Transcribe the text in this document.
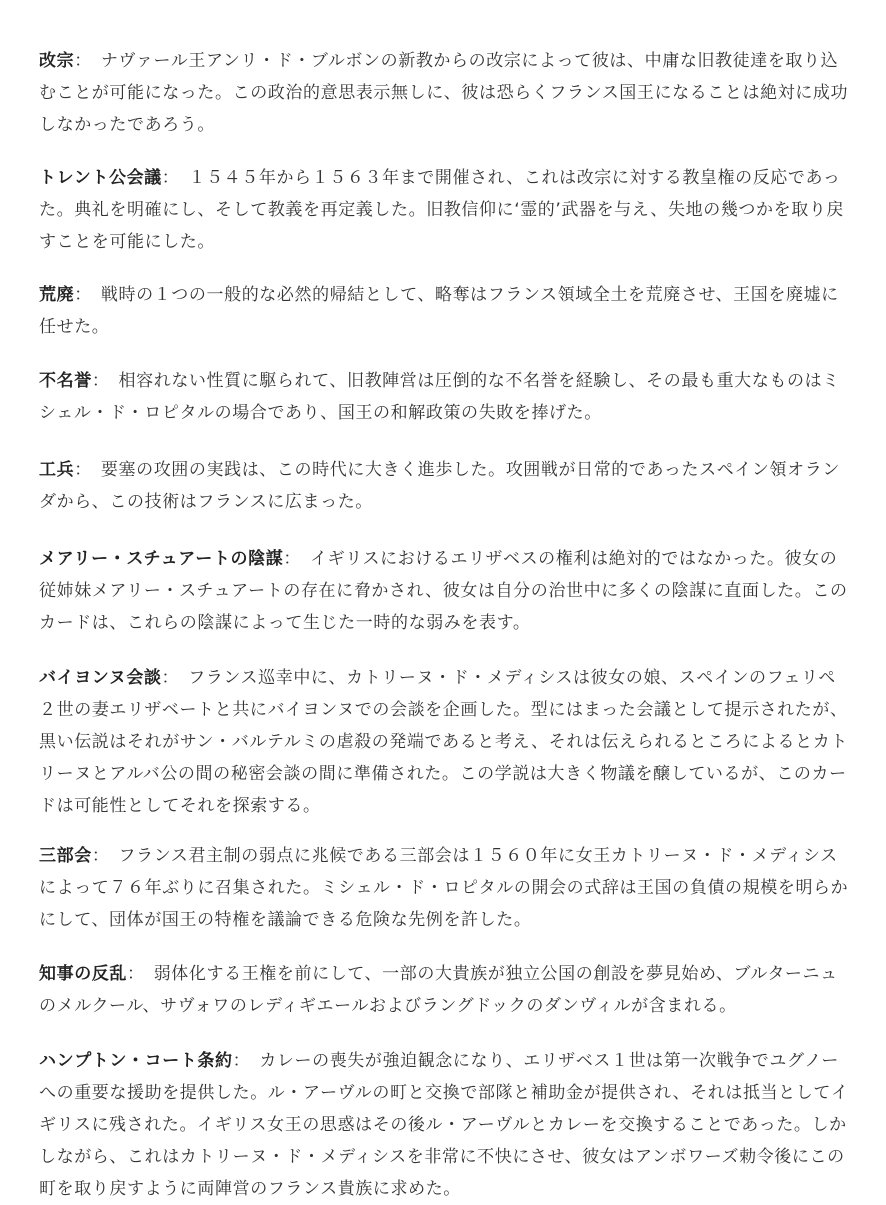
改宗：　ナヴァール王アンリ・ド・ブルボンの新教からの改宗によって彼は、中庸な旧教徒達を取り込むことが可能になった。この政治的意思表示無しに、彼は恐らくフランス国王になることは絶対に成功しなかったであろう。

トレント公会議：　１５４５年から１５６３年まで開催され、これは改宗に対する教皇権の反応であった。典礼を明確にし、そして教義を再定義した。旧教信仰に‘霊的’武器を与え、失地の幾つかを取り戻すことを可能にした。

荒廃：　戦時の１つの一般的な必然的帰結として、略奪はフランス領域全土を荒廃させ、王国を廃墟に任せた。

不名誉：　相容れない性質に駆られて、旧教陣営は圧倒的な不名誉を経験し、その最も重大なものはミシェル・ド・ロピタルの場合であり、国王の和解政策の失敗を捧げた。

工兵：　要塞の攻囲の実践は、この時代に大きく進歩した。攻囲戦が日常的であったスペイン領オランダから、この技術はフランスに広まった。

メアリー・スチュアートの陰謀：　イギリスにおけるエリザベスの権利は絶対的ではなかった。彼女の従姉妹メアリー・スチュアートの存在に脅かされ、彼女は自分の治世中に多くの陰謀に直面した。このカードは、これらの陰謀によって生じた一時的な弱みを表す。

バイヨンヌ会談：　フランス巡幸中に、カトリーヌ・ド・メディシスは彼女の娘、スペインのフェリペ２世の妻エリザベートと共にバイヨンヌでの会談を企画した。型にはまった会議として提示されたが、黒い伝説はそれがサン・バルテルミの虐殺の発端であると考え、それは伝えられるところによるとカトリーヌとアルバ公の間の秘密会談の間に準備された。この学説は大きく物議を醸しているが、このカードは可能性としてそれを探索する。

三部会：　フランス君主制の弱点に兆候である三部会は１５６０年に女王カトリーヌ・ド・メディシスによって７６年ぶりに召集された。ミシェル・ド・ロピタルの開会の式辞は王国の負債の規模を明らかにして、団体が国王の特権を議論できる危険な先例を許した。

知事の反乱：　弱体化する王権を前にして、一部の大貴族が独立公国の創設を夢見始め、ブルターニュのメルクール、サヴォワのレディギエールおよびラングドックのダンヴィルが含まれる。

ハンプトン・コート条約：　カレーの喪失が強迫観念になり、エリザベス１世は第一次戦争でユグノーへの重要な援助を提供した。ル・アーヴルの町と交換で部隊と補助金が提供され、それは抵当としてイギリスに残された。イギリス女王の思惑はその後ル・アーヴルとカレーを交換することであった。しかしながら、これはカトリーヌ・ド・メディシスを非常に不快にさせ、彼女はアンボワーズ勅令後にこの町を取り戻すように両陣営のフランス貴族に求めた。
